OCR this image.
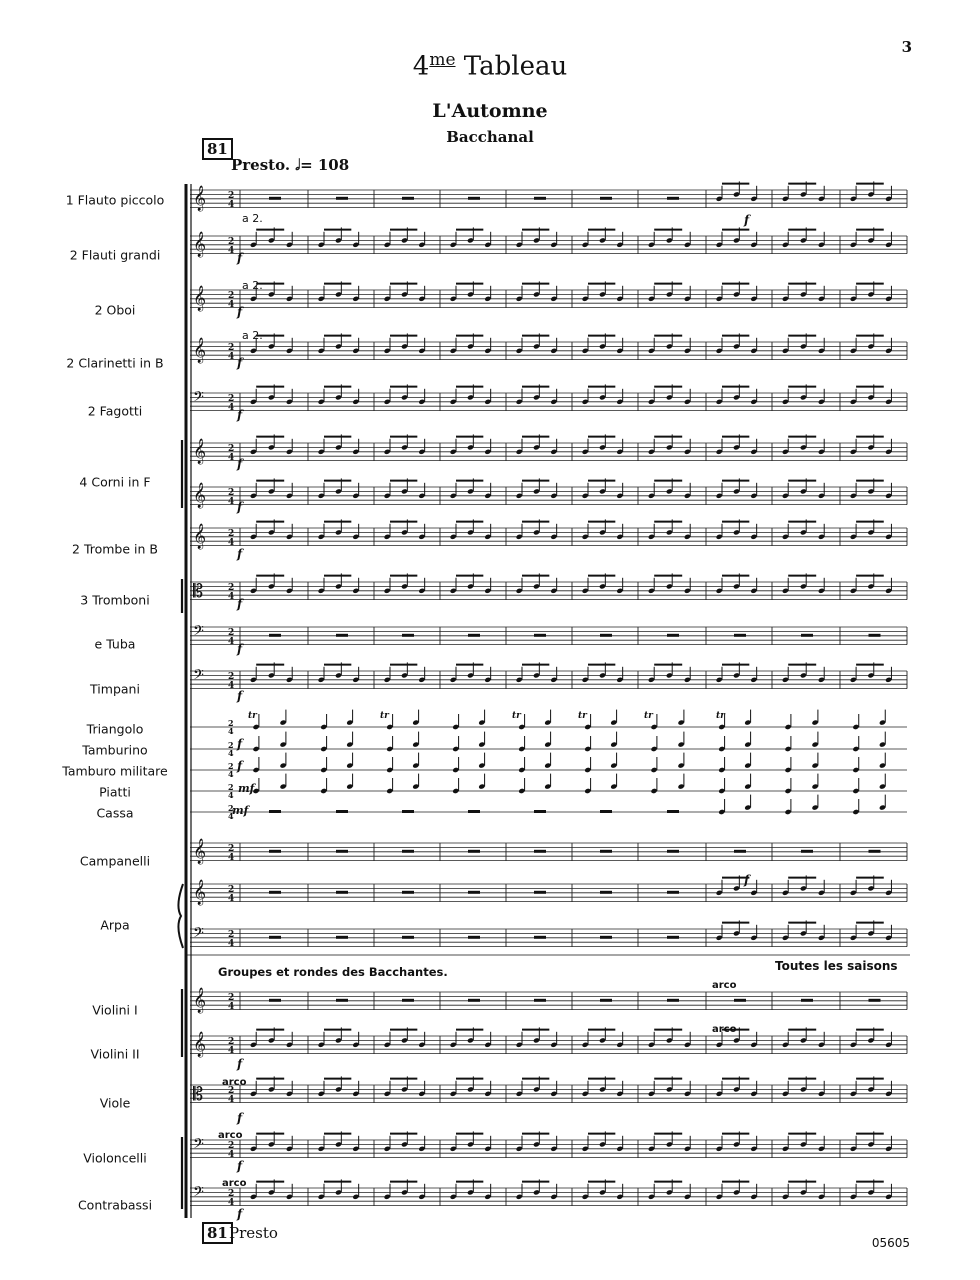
𝄞 2
4
𝄞 2
4
𝄞 2
4
𝄞 2
4
𝄢	2
4
𝄞 2
4
𝄞 2
4
𝄞 2
4
𝄡	2
4
𝄢	2
4
𝄢	2
4
2
4
2
4
2
4
2
4
2
4
𝄞 2
4
𝄞 2
4
𝄢	2
4
𝄞 2
4
𝄞 2
4
𝄡	2
4
𝄢	2
4
𝄢	2
4
f
f
f
f
f
f
f
f
f
f
f
f
f
f
f
f
mf
mf
f
f
tr	tr	tr	tr	tr	tr
3
$4^{me}$ Tableau
L'Automne
Bacchanal
81
Presto. 𝅗𝅥= 108
81 Presto
1 Flauto piccolo
2 Flauti grandi
2 Oboi
2 Clarinetti in B
2 Fagotti
4 Corni in F
2 Trombe in B
3 Tromboni
e Tuba
Timpani
Triangolo
Tamburino
Tamburo militare
Piatti
Cassa
Campanelli
Arpa
Violini I
Violini II
Viole
Violoncelli
Contrabassi
a 2.
a 2.
a 2.
Groupes et rondes des Bacchantes.	Toutes les saisons
arco
arco
arco
arco
arco
05605
